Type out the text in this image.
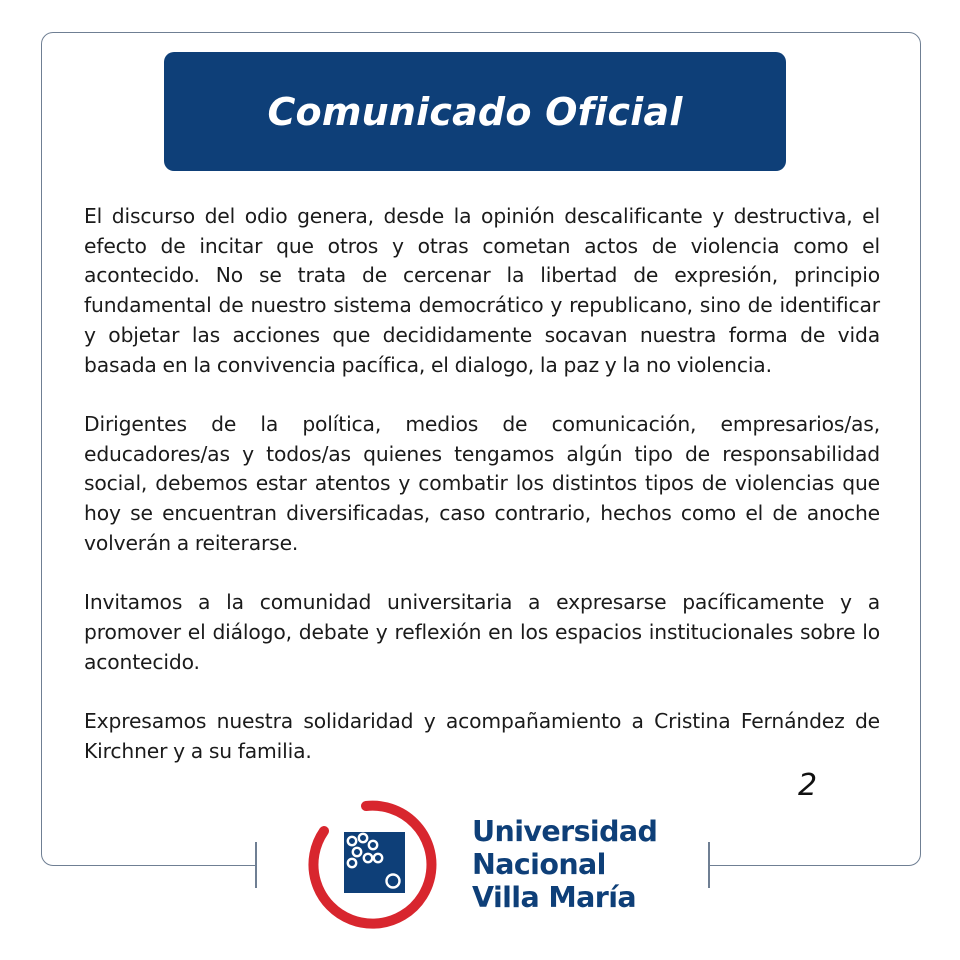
Comunicado Oficial

El discurso del odio genera, desde la opinión descalificante y destructiva, el efecto de incitar que otros y otras cometan actos de violencia como el acontecido. No se trata de cercenar la libertad de expresión, principio fundamental de nuestro sistema democrático y republicano, sino de identificar y objetar las acciones que decididamente socavan nuestra forma de vida basada en la convivencia pacífica, el dialogo, la paz y la no violencia.

Dirigentes de la política, medios de comunicación, empresarios/as, educadores/as y todos/as quienes tengamos algún tipo de responsabilidad social, debemos estar atentos y combatir los distintos tipos de violencias que hoy se encuentran diversificadas, caso contrario, hechos como el de anoche volverán a reiterarse.

Invitamos a la comunidad universitaria a expresarse pacíficamente y a promover el diálogo, debate y reflexión en los espacios institucionales sobre lo acontecido.

Expresamos nuestra solidaridad y acompañamiento a Cristina Fernández de Kirchner y a su familia.

2
Universidad
Nacional
Villa María
